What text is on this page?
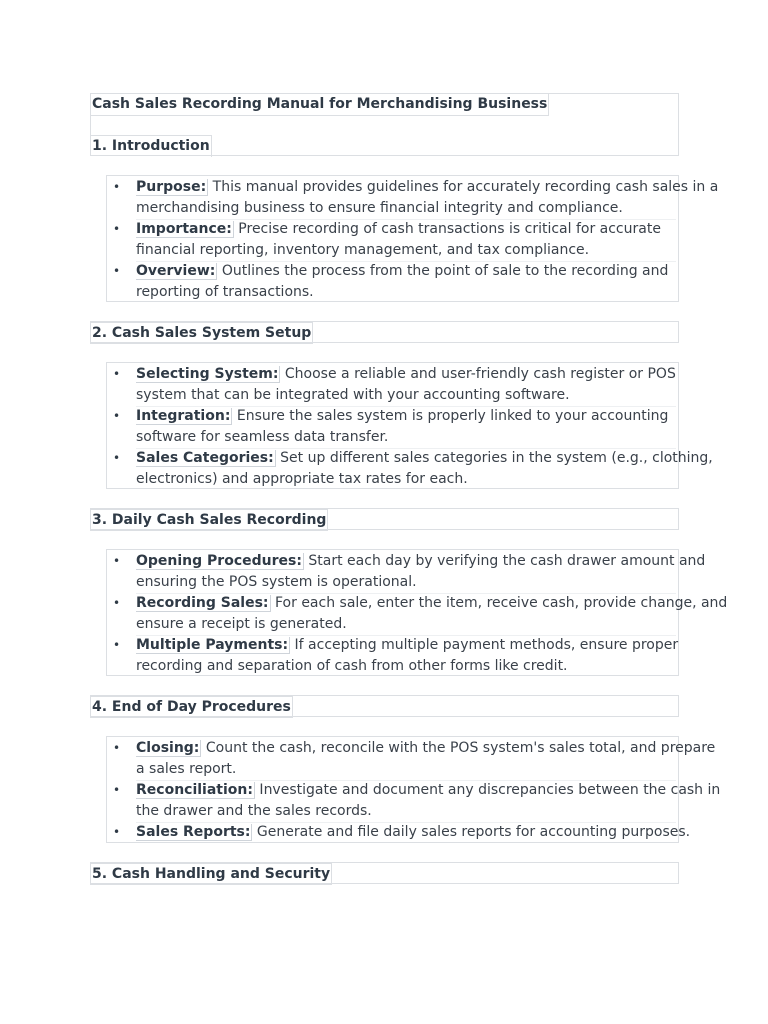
Cash Sales Recording Manual for Merchandising Business
1. Introduction
• Purpose: This manual provides guidelines for accurately recording cash sales in a
merchandising business to ensure financial integrity and compliance.
• Importance: Precise recording of cash transactions is critical for accurate
financial reporting, inventory management, and tax compliance.
• Overview: Outlines the process from the point of sale to the recording and
reporting of transactions.
2. Cash Sales System Setup
• Selecting System: Choose a reliable and user-friendly cash register or POS
system that can be integrated with your accounting software.
• Integration: Ensure the sales system is properly linked to your accounting
software for seamless data transfer.
• Sales Categories: Set up different sales categories in the system (e.g., clothing,
electronics) and appropriate tax rates for each.
3. Daily Cash Sales Recording
• Opening Procedures: Start each day by verifying the cash drawer amount and
ensuring the POS system is operational.
• Recording Sales: For each sale, enter the item, receive cash, provide change, and
ensure a receipt is generated.
• Multiple Payments: If accepting multiple payment methods, ensure proper
recording and separation of cash from other forms like credit.
4. End of Day Procedures
• Closing: Count the cash, reconcile with the POS system's sales total, and prepare
a sales report.
• Reconciliation: Investigate and document any discrepancies between the cash in
the drawer and the sales records.
• Sales Reports: Generate and file daily sales reports for accounting purposes.
5. Cash Handling and Security
